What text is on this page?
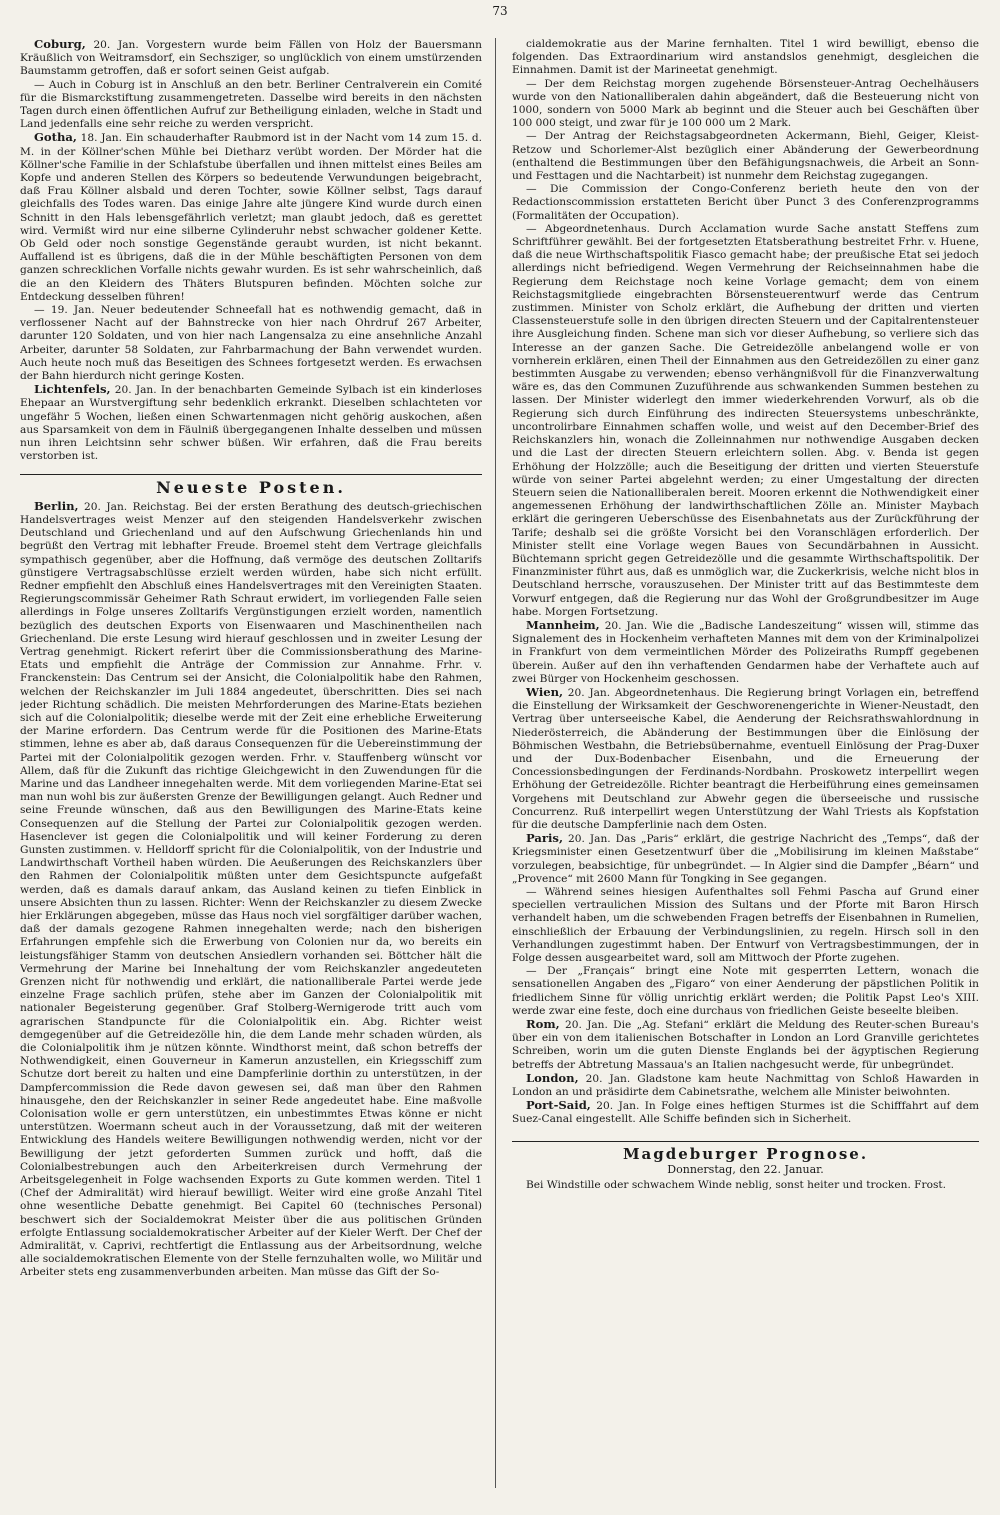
73

Coburg, 20. Jan. Vorgestern wurde beim Fällen von Holz der Bauersmann Kräußlich von Weitramsdorf, ein Sechsziger, so unglücklich von einem umstürzenden Baumstamm getroffen, daß er sofort seinen Geist aufgab.

— Auch in Coburg ist in Anschluß an den betr. Berliner Centralverein ein Comité für die Bismarckstiftung zusammengetreten. Dasselbe wird bereits in den nächsten Tagen durch einen öffentlichen Aufruf zur Betheiligung einladen, welche in Stadt und Land jedenfalls eine sehr reiche zu werden verspricht.

Gotha, 18. Jan. Ein schauderhafter Raubmord ist in der Nacht vom 14 zum 15. d. M. in der Köllner'schen Mühle bei Dietharz verübt worden. Der Mörder hat die Köllner'sche Familie in der Schlafstube überfallen und ihnen mittelst eines Beiles am Kopfe und anderen Stellen des Körpers so bedeutende Verwundungen beigebracht, daß Frau Köllner alsbald und deren Tochter, sowie Köllner selbst, Tags darauf gleichfalls des Todes waren. Das einige Jahre alte jüngere Kind wurde durch einen Schnitt in den Hals lebensgefährlich verletzt; man glaubt jedoch, daß es gerettet wird. Vermißt wird nur eine silberne Cylinderuhr nebst schwacher goldener Kette. Ob Geld oder noch sonstige Gegenstände geraubt wurden, ist nicht bekannt. Auffallend ist es übrigens, daß die in der Mühle beschäftigten Personen von dem ganzen schrecklichen Vorfalle nichts gewahr wurden. Es ist sehr wahrscheinlich, daß die an den Kleidern des Thäters Blutspuren befinden. Möchten solche zur Entdeckung desselben führen!

— 19. Jan. Neuer bedeutender Schneefall hat es nothwendig gemacht, daß in verflossener Nacht auf der Bahnstrecke von hier nach Ohrdruf 267 Arbeiter, darunter 120 Soldaten, und von hier nach Langensalza zu eine ansehnliche Anzahl Arbeiter, darunter 58 Soldaten, zur Fahrbarmachung der Bahn verwendet wurden. Auch heute noch muß das Beseitigen des Schnees fortgesetzt werden. Es erwachsen der Bahn hierdurch nicht geringe Kosten.

Lichtenfels, 20. Jan. In der benachbarten Gemeinde Sylbach ist ein kinderloses Ehepaar an Wurstvergiftung sehr bedenklich erkrankt. Dieselben schlachteten vor ungefähr 5 Wochen, ließen einen Schwartenmagen nicht gehörig auskochen, aßen aus Sparsamkeit von dem in Fäulniß übergegangenen Inhalte desselben und müssen nun ihren Leichtsinn sehr schwer büßen. Wir erfahren, daß die Frau bereits verstorben ist.

Neueste Posten.

Berlin, 20. Jan. Reichstag. Bei der ersten Berathung des deutsch-griechischen Handelsvertrages weist Menzer auf den steigenden Handelsverkehr zwischen Deutschland und Griechenland und auf den Aufschwung Griechenlands hin und begrüßt den Vertrag mit lebhafter Freude. Broemel steht dem Vertrage gleichfalls sympathisch gegenüber, aber die Hoffnung, daß vermöge des deutschen Zolltarifs günstigere Vertragsabschlüsse erzielt werden würden, habe sich nicht erfüllt. Redner empfiehlt den Abschluß eines Handelsvertrages mit den Vereinigten Staaten. Regierungscommissär Geheimer Rath Schraut erwidert, im vorliegenden Falle seien allerdings in Folge unseres Zolltarifs Vergünstigungen erzielt worden, namentlich bezüglich des deutschen Exports von Eisenwaaren und Maschinentheilen nach Griechenland. Die erste Lesung wird hierauf geschlossen und in zweiter Lesung der Vertrag genehmigt. Rickert referirt über die Commissionsberathung des Marine-Etats und empfiehlt die Anträge der Commission zur Annahme. Frhr. v. Franckenstein: Das Centrum sei der Ansicht, die Colonialpolitik habe den Rahmen, welchen der Reichskanzler im Juli 1884 angedeutet, überschritten. Dies sei nach jeder Richtung schädlich. Die meisten Mehrforderungen des Marine-Etats beziehen sich auf die Colonialpolitik; dieselbe werde mit der Zeit eine erhebliche Erweiterung der Marine erfordern. Das Centrum werde für die Positionen des Marine-Etats stimmen, lehne es aber ab, daß daraus Consequenzen für die Uebereinstimmung der Partei mit der Colonialpolitik gezogen werden. Frhr. v. Stauffenberg wünscht vor Allem, daß für die Zukunft das richtige Gleichgewicht in den Zuwendungen für die Marine und das Landheer innegehalten werde. Mit dem vorliegenden Marine-Etat sei man nun wohl bis zur äußersten Grenze der Bewilligungen gelangt. Auch Redner und seine Freunde wünschen, daß aus den Bewilligungen des Marine-Etats keine Consequenzen auf die Stellung der Partei zur Colonialpolitik gezogen werden. Hasenclever ist gegen die Colonialpolitik und will keiner Forderung zu deren Gunsten zustimmen. v. Helldorff spricht für die Colonialpolitik, von der Industrie und Landwirthschaft Vortheil haben würden. Die Aeußerungen des Reichskanzlers über den Rahmen der Colonialpolitik müßten unter dem Gesichtspuncte aufgefaßt werden, daß es damals darauf ankam, das Ausland keinen zu tiefen Einblick in unsere Absichten thun zu lassen. Richter: Wenn der Reichskanzler zu diesem Zwecke hier Erklärungen abgegeben, müsse das Haus noch viel sorgfältiger darüber wachen, daß der damals gezogene Rahmen innegehalten werde; nach den bisherigen Erfahrungen empfehle sich die Erwerbung von Colonien nur da, wo bereits ein leistungsfähiger Stamm von deutschen Ansiedlern vorhanden sei. Böttcher hält die Vermehrung der Marine bei Innehaltung der vom Reichskanzler angedeuteten Grenzen nicht für nothwendig und erklärt, die nationalliberale Partei werde jede einzelne Frage sachlich prüfen, stehe aber im Ganzen der Colonialpolitik mit nationaler Begeisterung gegenüber. Graf Stolberg-Wernigerode tritt auch vom agrarischen Standpuncte für die Colonialpolitik ein. Abg. Richter weist demgegenüber auf die Getreidezölle hin, die dem Lande mehr schaden würden, als die Colonialpolitik ihm je nützen könnte. Windthorst meint, daß schon betreffs der Nothwendigkeit, einen Gouverneur in Kamerun anzustellen, ein Kriegsschiff zum Schutze dort bereit zu halten und eine Dampferlinie dorthin zu unterstützen, in der Dampfercommission die Rede davon gewesen sei, daß man über den Rahmen hinausgehe, den der Reichskanzler in seiner Rede angedeutet habe. Eine maßvolle Colonisation wolle er gern unterstützen, ein unbestimmtes Etwas könne er nicht unterstützen. Woermann scheut auch in der Voraussetzung, daß mit der weiteren Entwicklung des Handels weitere Bewilligungen nothwendig werden, nicht vor der Bewilligung der jetzt geforderten Summen zurück und hofft, daß die Colonialbestrebungen auch den Arbeiterkreisen durch Vermehrung der Arbeitsgelegenheit in Folge wachsenden Exports zu Gute kommen werden. Titel 1 (Chef der Admiralität) wird hierauf bewilligt. Weiter wird eine große Anzahl Titel ohne wesentliche Debatte genehmigt. Bei Capitel 60 (technisches Personal) beschwert sich der Socialdemokrat Meister über die aus politischen Gründen erfolgte Entlassung socialdemokratischer Arbeiter auf der Kieler Werft. Der Chef der Admiralität, v. Caprivi, rechtfertigt die Entlassung aus der Arbeitsordnung, welche alle socialdemokratischen Elemente von der Stelle fernzuhalten wolle, wo Militär und Arbeiter stets eng zusammenverbunden arbeiten. Man müsse das Gift der So-

cialdemokratie aus der Marine fernhalten. Titel 1 wird bewilligt, ebenso die folgenden. Das Extraordinarium wird anstandslos genehmigt, desgleichen die Einnahmen. Damit ist der Marineetat genehmigt.

— Der dem Reichstag morgen zugehende Börsensteuer-Antrag Oechelhäusers wurde von den Nationalliberalen dahin abgeändert, daß die Besteuerung nicht von 1000, sondern von 5000 Mark ab beginnt und die Steuer auch bei Geschäften über 100 000 steigt, und zwar für je 100 000 um 2 Mark.

— Der Antrag der Reichstagsabgeordneten Ackermann, Biehl, Geiger, Kleist-Retzow und Schorlemer-Alst bezüglich einer Abänderung der Gewerbeordnung (enthaltend die Bestimmungen über den Befähigungsnachweis, die Arbeit an Sonn- und Festtagen und die Nachtarbeit) ist nunmehr dem Reichstag zugegangen.

— Die Commission der Congo-Conferenz berieth heute den von der Redactionscommission erstatteten Bericht über Punct 3 des Conferenzprogramms (Formalitäten der Occupation).

— Abgeordnetenhaus. Durch Acclamation wurde Sache anstatt Steffens zum Schriftführer gewählt. Bei der fortgesetzten Etatsberathung bestreitet Frhr. v. Huene, daß die neue Wirthschaftspolitik Fiasco gemacht habe; der preußische Etat sei jedoch allerdings nicht befriedigend. Wegen Vermehrung der Reichseinnahmen habe die Regierung dem Reichstage noch keine Vorlage gemacht; dem von einem Reichstagsmitgliede eingebrachten Börsensteuerentwurf werde das Centrum zustimmen. Minister von Scholz erklärt, die Aufhebung der dritten und vierten Classensteuerstufe solle in den übrigen directen Steuern und der Capitalrentensteuer ihre Ausgleichung finden. Schene man sich vor dieser Aufhebung, so verliere sich das Interesse an der ganzen Sache. Die Getreidezölle anbelangend wolle er von vornherein erklären, einen Theil der Einnahmen aus den Getreidezöllen zu einer ganz bestimmten Ausgabe zu verwenden; ebenso verhängnißvoll für die Finanzverwaltung wäre es, das den Communen Zuzuführende aus schwankenden Summen bestehen zu lassen. Der Minister widerlegt den immer wiederkehrenden Vorwurf, als ob die Regierung sich durch Einführung des indirecten Steuersystems unbeschränkte, uncontrolirbare Einnahmen schaffen wolle, und weist auf den December-Brief des Reichskanzlers hin, wonach die Zolleinnahmen nur nothwendige Ausgaben decken und die Last der directen Steuern erleichtern sollen. Abg. v. Benda ist gegen Erhöhung der Holzzölle; auch die Beseitigung der dritten und vierten Steuerstufe würde von seiner Partei abgelehnt werden; zu einer Umgestaltung der directen Steuern seien die Nationalliberalen bereit. Mooren erkennt die Nothwendigkeit einer angemessenen Erhöhung der landwirthschaftlichen Zölle an. Minister Maybach erklärt die geringeren Ueberschüsse des Eisenbahnetats aus der Zurückführung der Tarife; deshalb sei die größte Vorsicht bei den Voranschlägen erforderlich. Der Minister stellt eine Vorlage wegen Baues von Secundärbahnen in Aussicht. Büchtemann spricht gegen Getreidezölle und die gesammte Wirthschaftspolitik. Der Finanzminister führt aus, daß es unmöglich war, die Zuckerkrisis, welche nicht blos in Deutschland herrsche, vorauszusehen. Der Minister tritt auf das Bestimmteste dem Vorwurf entgegen, daß die Regierung nur das Wohl der Großgrundbesitzer im Auge habe. Morgen Fortsetzung.

Mannheim, 20. Jan. Wie die „Badische Landeszeitung“ wissen will, stimme das Signalement des in Hockenheim verhafteten Mannes mit dem von der Kriminalpolizei in Frankfurt von dem vermeintlichen Mörder des Polizeiraths Rumpff gegebenen überein. Außer auf den ihn verhaftenden Gendarmen habe der Verhaftete auch auf zwei Bürger von Hockenheim geschossen.

Wien, 20. Jan. Abgeordnetenhaus. Die Regierung bringt Vorlagen ein, betreffend die Einstellung der Wirksamkeit der Geschworenengerichte in Wiener-Neustadt, den Vertrag über unterseeische Kabel, die Aenderung der Reichsrathswahlordnung in Niederösterreich, die Abänderung der Bestimmungen über die Einlösung der Böhmischen Westbahn, die Betriebsübernahme, eventuell Einlösung der Prag-Duxer und der Dux-Bodenbacher Eisenbahn, und die Erneuerung der Concessionsbedingungen der Ferdinands-Nordbahn. Proskowetz interpellirt wegen Erhöhung der Getreidezölle. Richter beantragt die Herbeiführung eines gemeinsamen Vorgehens mit Deutschland zur Abwehr gegen die überseeische und russische Concurrenz. Ruß interpellirt wegen Unterstützung der Wahl Triests als Kopfstation für die deutsche Dampferlinie nach dem Osten.

Paris, 20. Jan. Das „Paris“ erklärt, die gestrige Nachricht des „Temps“, daß der Kriegsminister einen Gesetzentwurf über die „Mobilisirung im kleinen Maßstabe“ vorzulegen, beabsichtige, für unbegründet. — In Algier sind die Dampfer „Béarn“ und „Provence“ mit 2600 Mann für Tongking in See gegangen.

— Während seines hiesigen Aufenthaltes soll Fehmi Pascha auf Grund einer speciellen vertraulichen Mission des Sultans und der Pforte mit Baron Hirsch verhandelt haben, um die schwebenden Fragen betreffs der Eisenbahnen in Rumelien, einschließlich der Erbauung der Verbindungslinien, zu regeln. Hirsch soll in den Verhandlungen zugestimmt haben. Der Entwurf von Vertragsbestimmungen, der in Folge dessen ausgearbeitet ward, soll am Mittwoch der Pforte zugehen.

— Der „Français“ bringt eine Note mit gesperrten Lettern, wonach die sensationellen Angaben des „Figaro“ von einer Aenderung der päpstlichen Politik in friedlichem Sinne für völlig unrichtig erklärt werden; die Politik Papst Leo's XIII. werde zwar eine feste, doch eine durchaus von friedlichen Geiste beseelte bleiben.

Rom, 20. Jan. Die „Ag. Stefani“ erklärt die Meldung des Reuter-schen Bureau's über ein von dem italienischen Botschafter in London an Lord Granville gerichtetes Schreiben, worin um die guten Dienste Englands bei der ägyptischen Regierung betreffs der Abtretung Massaua's an Italien nachgesucht werde, für unbegründet.

London, 20. Jan. Gladstone kam heute Nachmittag von Schloß Hawarden in London an und präsidirte dem Cabinetsrathe, welchem alle Minister beiwohnten.

Port-Said, 20. Jan. In Folge eines heftigen Sturmes ist die Schifffahrt auf dem Suez-Canal eingestellt. Alle Schiffe befinden sich in Sicherheit.

Magdeburger Prognose.
Donnerstag, den 22. Januar.

Bei Windstille oder schwachem Winde neblig, sonst heiter und trocken. Frost.
